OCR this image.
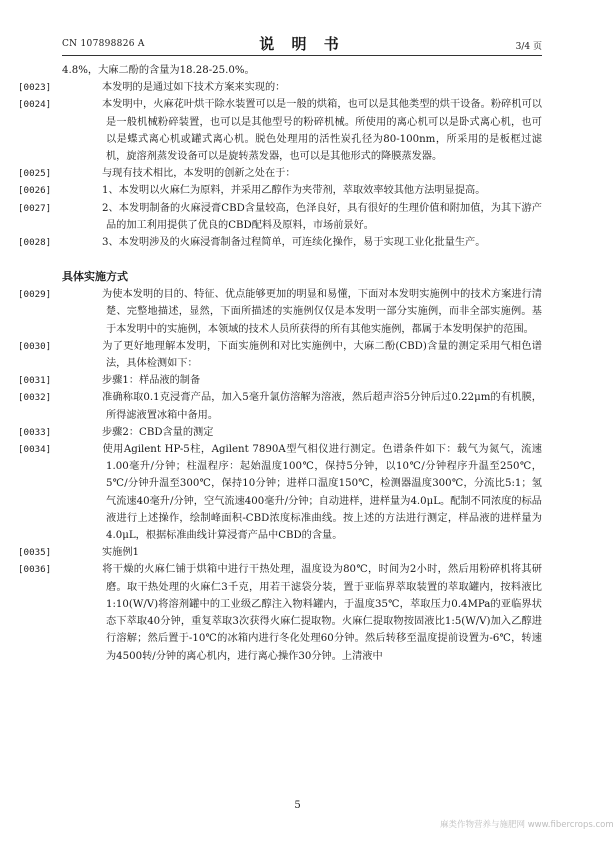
CN 107898826 A	说 明 书	3/4 页

4.8%，大麻二酚的含量为18.28-25.0%。

[0023]	本发明的是通过如下技术方案来实现的：

[0024]	本发明中，火麻花叶烘干除水装置可以是一般的烘箱，也可以是其他类型的烘干设备。粉碎机可以是一般机械粉碎装置，也可以是其他型号的粉碎机械。所使用的离心机可以是卧式离心机，也可以是蝶式离心机或罐式离心机。脱色处理用的活性炭孔径为80-100nm，所采用的是板框过滤机，旋溶剂蒸发设备可以是旋转蒸发器，也可以是其他形式的降膜蒸发器。

[0025]	与现有技术相比，本发明的创新之处在于：

[0026]	1、本发明以火麻仁为原料，并采用乙醇作为夹带剂，萃取效率较其他方法明显提高。

[0027]	2、本发明制备的火麻浸膏CBD含量较高，色泽良好，具有很好的生理价值和附加值，为其下游产品的加工利用提供了优良的CBD配料及原料，市场前景好。

[0028]	3、本发明涉及的火麻浸膏制备过程简单，可连续化操作，易于实现工业化批量生产。

具体实施方式

[0029]	为使本发明的目的、特征、优点能够更加的明显和易懂，下面对本发明实施例中的技术方案进行清楚、完整地描述，显然，下面所描述的实施例仅仅是本发明一部分实施例，而非全部实施例。基于本发明中的实施例，本领域的技术人员所获得的所有其他实施例，都属于本发明保护的范围。

[0030]	为了更好地理解本发明，下面实施例和对比实施例中，大麻二酚(CBD)含量的测定采用气相色谱法，具体检测如下：

[0031]	步骤1：样品液的制备

[0032]	准确称取0.1克浸膏产品，加入5毫升氯仿溶解为溶液，然后超声浴5分钟后过0.22μm的有机膜，所得滤液置冰箱中备用。

[0033]	步骤2：CBD含量的测定

[0034]	使用Agilent HP-5柱，Agilent 7890A型气相仪进行测定。色谱条件如下：载气为氮气，流速1.00毫升/分钟；柱温程序：起始温度100℃，保持5分钟，以10℃/分钟程序升温至250℃，5℃/分钟升温至300℃，保持10分钟；进样口温度150℃，检测器温度300℃，分流比5:1；氢气流速40毫升/分钟，空气流速400毫升/分钟；自动进样，进样量为4.0μL。配制不同浓度的标品液进行上述操作，绘制峰面积-CBD浓度标准曲线。按上述的方法进行测定，样品液的进样量为4.0μL，根据标准曲线计算浸膏产品中CBD的含量。

[0035]	实施例1

[0036]	将干燥的火麻仁铺于烘箱中进行干热处理，温度设为80℃，时间为2小时，然后用粉碎机将其研磨。取干热处理的火麻仁3千克，用若干滤袋分装，置于亚临界萃取装置的萃取罐内，按料液比1:10(W/V)将溶剂罐中的工业级乙醇注入物料罐内，于温度35℃，萃取压力0.4MPa的亚临界状态下萃取40分钟，重复萃取3次获得火麻仁提取物。火麻仁提取物按固液比1:5(W/V)加入乙醇进行溶解；然后置于-10℃的冰箱内进行冬化处理60分钟。然后转移至温度提前设置为-6℃，转速为4500转/分钟的离心机内，进行离心操作30分钟。上清液中

5
麻类作物营养与施肥网 www.fibercrops.com
